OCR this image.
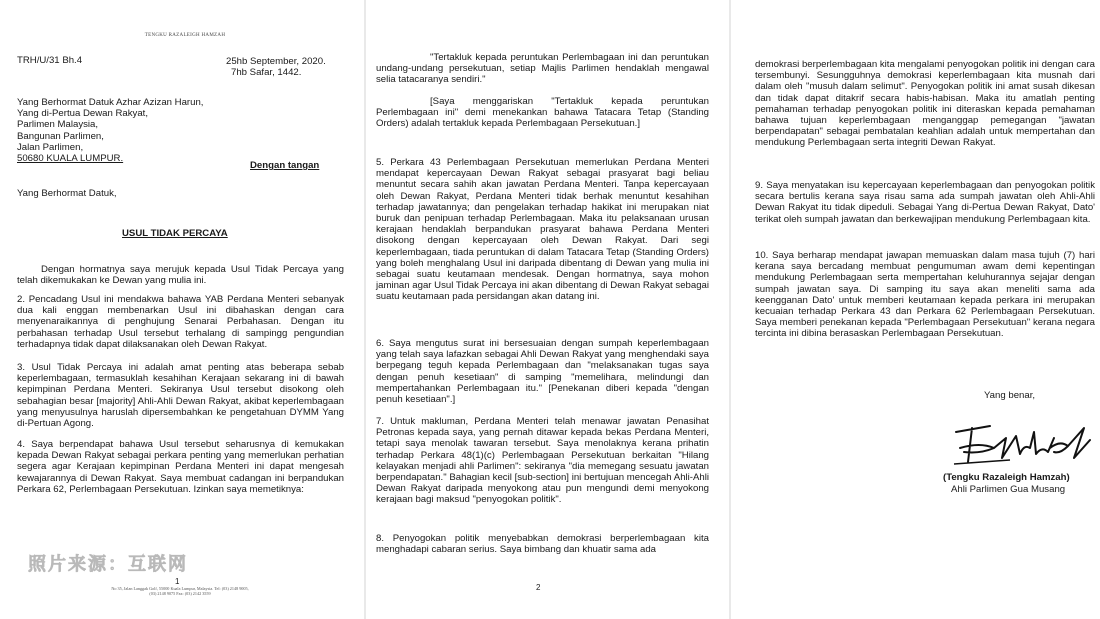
TENGKU RAZALEIGH HAMZAH

TRH/U/31 Bh.4	25hb September, 2020.
7hb Safar, 1442.
Yang Berhormat Datuk Azhar Azizan Harun,
Yang di-Pertua Dewan Rakyat,
Parlimen Malaysia,
Bangunan Parlimen,
Jalan Parlimen,
50680 KUALA LUMPUR.

Dengan tangan

Yang Berhormat Datuk,

USUL TIDAK PERCAYA

Dengan hormatnya saya merujuk kepada Usul Tidak Percaya yang telah dikemukakan ke Dewan yang mulia ini.

2. Pencadang Usul ini mendakwa bahawa YAB Perdana Menteri sebanyak dua kali enggan membenarkan Usul ini dibahaskan dengan cara menyenaraikannya di penghujung Senarai Perbahasan. Dengan itu perbahasan terhadap Usul tersebut terhalang di sampingg pengundian terhadapnya tidak dapat dilaksanakan oleh Dewan Rakyat.

3. Usul Tidak Percaya ini adalah amat penting atas beberapa sebab keperlembagaan, termasuklah kesahihan Kerajaan sekarang ini di bawah kepimpinan Perdana Menteri. Sekiranya Usul tersebut disokong oleh sebahagian besar [majority] Ahli-Ahli Dewan Rakyat, akibat keperlembagaan yang menyusulnya haruslah dipersembahkan ke pengetahuan DYMM Yang di-Pertuan Agong.

4. Saya berpendapat bahawa Usul tersebut seharusnya di kemukakan kepada Dewan Rakyat sebagai perkara penting yang memerlukan perhatian segera agar Kerajaan kepimpinan Perdana Menteri ini dapat mengesah kewajarannya di Dewan Rakyat. Saya membuat cadangan ini berpandukan Perkara 62, Perlembagaan Persekutuan. Izinkan saya memetiknya:

照片来源：互联网
1
No 35, Jalan Langgak Golf, 55000 Kuala Lumpur, Malaysia. Tel: (03) 2148 9005, (03) 2148 9075 Fax: (03) 2142 3559

"Tertakluk kepada peruntukan Perlembagaan ini dan peruntukan undang-undang persekutuan, setiap Majlis Parlimen hendaklah mengawal selia tatacaranya sendiri."

[Saya menggariskan "Tertakluk kepada peruntukan Perlembagaan ini" demi menekankan bahawa Tatacara Tetap (Standing Orders) adalah tertakluk kepada Perlembagaan Persekutuan.]

5. Perkara 43 Perlembagaan Persekutuan memerlukan Perdana Menteri mendapat kepercayaan Dewan Rakyat sebagai prasyarat bagi beliau menuntut secara sahih akan jawatan Perdana Menteri. Tanpa kepercayaan oleh Dewan Rakyat, Perdana Menteri tidak berhak menuntut kesahihan terhadap jawatannya; dan pengelakan terhadap hakikat ini merupakan niat buruk dan penipuan terhadap Perlembagaan. Maka itu pelaksanaan urusan kerajaan hendaklah berpandukan prasyarat bahawa Perdana Menteri disokong dengan kepercayaan oleh Dewan Rakyat. Dari segi keperlembagaan, tiada peruntukan di dalam Tatacara Tetap (Standing Orders) yang boleh menghalang Usul ini daripada dibentang di Dewan yang mulia ini sebagai suatu keutamaan mendesak. Dengan hormatnya, saya mohon jaminan agar Usul Tidak Percaya ini akan dibentang di Dewan Rakyat sebagai suatu keutamaan pada persidangan akan datang ini.

6. Saya mengutus surat ini bersesuaian dengan sumpah keperlembagaan yang telah saya lafazkan sebagai Ahli Dewan Rakyat yang menghendaki saya berpegang teguh kepada Perlembagaan dan "melaksanakan tugas saya dengan penuh kesetiaan" di samping "memelihara, melindungi dan mempertahankan Perlembagaan itu." [Penekanan diberi kepada "dengan penuh kesetiaan".]

7. Untuk makluman, Perdana Menteri telah menawar jawatan Penasihat Petronas kepada saya, yang pernah ditawar kepada bekas Perdana Menteri, tetapi saya menolak tawaran tersebut. Saya menolaknya kerana prihatin terhadap Perkara 48(1)(c) Perlembagaan Persekutuan berkaitan "Hilang kelayakan menjadi ahli Parlimen": sekiranya "dia memegang sesuatu jawatan berpendapatan." Bahagian kecil [sub-section] ini bertujuan mencegah Ahli-Ahli Dewan Rakyat daripada menyokong atau pun mengundi demi menyokong kerajaan bagi maksud "penyogokan politik".

8. Penyogokan politik menyebabkan demokrasi berperlembagaan kita menghadapi cabaran serius. Saya bimbang dan khuatir sama ada

2

demokrasi berperlembagaan kita mengalami penyogokan politik ini dengan cara tersembunyi. Sesungguhnya demokrasi keperlembagaan kita musnah dari dalam oleh "musuh dalam selimut". Penyogokan politik ini amat susah dikesan dan tidak dapat ditakrif secara habis-habisan. Maka itu amatlah penting pemahaman terhadap penyogokan politik ini diteraskan kepada pemahaman bahawa tujuan keperlembagaan menganggap pemegangan "jawatan berpendapatan" sebagai pembatalan keahlian adalah untuk mempertahan dan mendukung Perlembagaan serta integriti Dewan Rakyat.

9. Saya menyatakan isu kepercayaan keperlembagaan dan penyogokan politik secara bertulis kerana saya risau sama ada sumpah jawatan oleh Ahli-Ahli Dewan Rakyat itu tidak dipeduli. Sebagai Yang di-Pertua Dewan Rakyat, Dato' terikat oleh sumpah jawatan dan berkewajipan mendukung Perlembagaan kita.

10. Saya berharap mendapat jawapan memuaskan dalam masa tujuh (7) hari kerana saya bercadang membuat pengumuman awam demi kepentingan mendukung Perlembagaan serta mempertahan keluhurannya sejajar dengan sumpah jawatan saya. Di samping itu saya akan meneliti sama ada keengganan Dato' untuk memberi keutamaan kepada perkara ini merupakan kecuaian terhadap Perkara 43 dan Perkara 62 Perlembagaan Persekutuan. Saya memberi penekanan kepada "Perlembagaan Persekutuan" kerana negara tercinta ini dibina berasaskan Perlembagaan Persekutuan.

Yang benar,

(Tengku Razaleigh Hamzah)

Ahli Parlimen Gua Musang
